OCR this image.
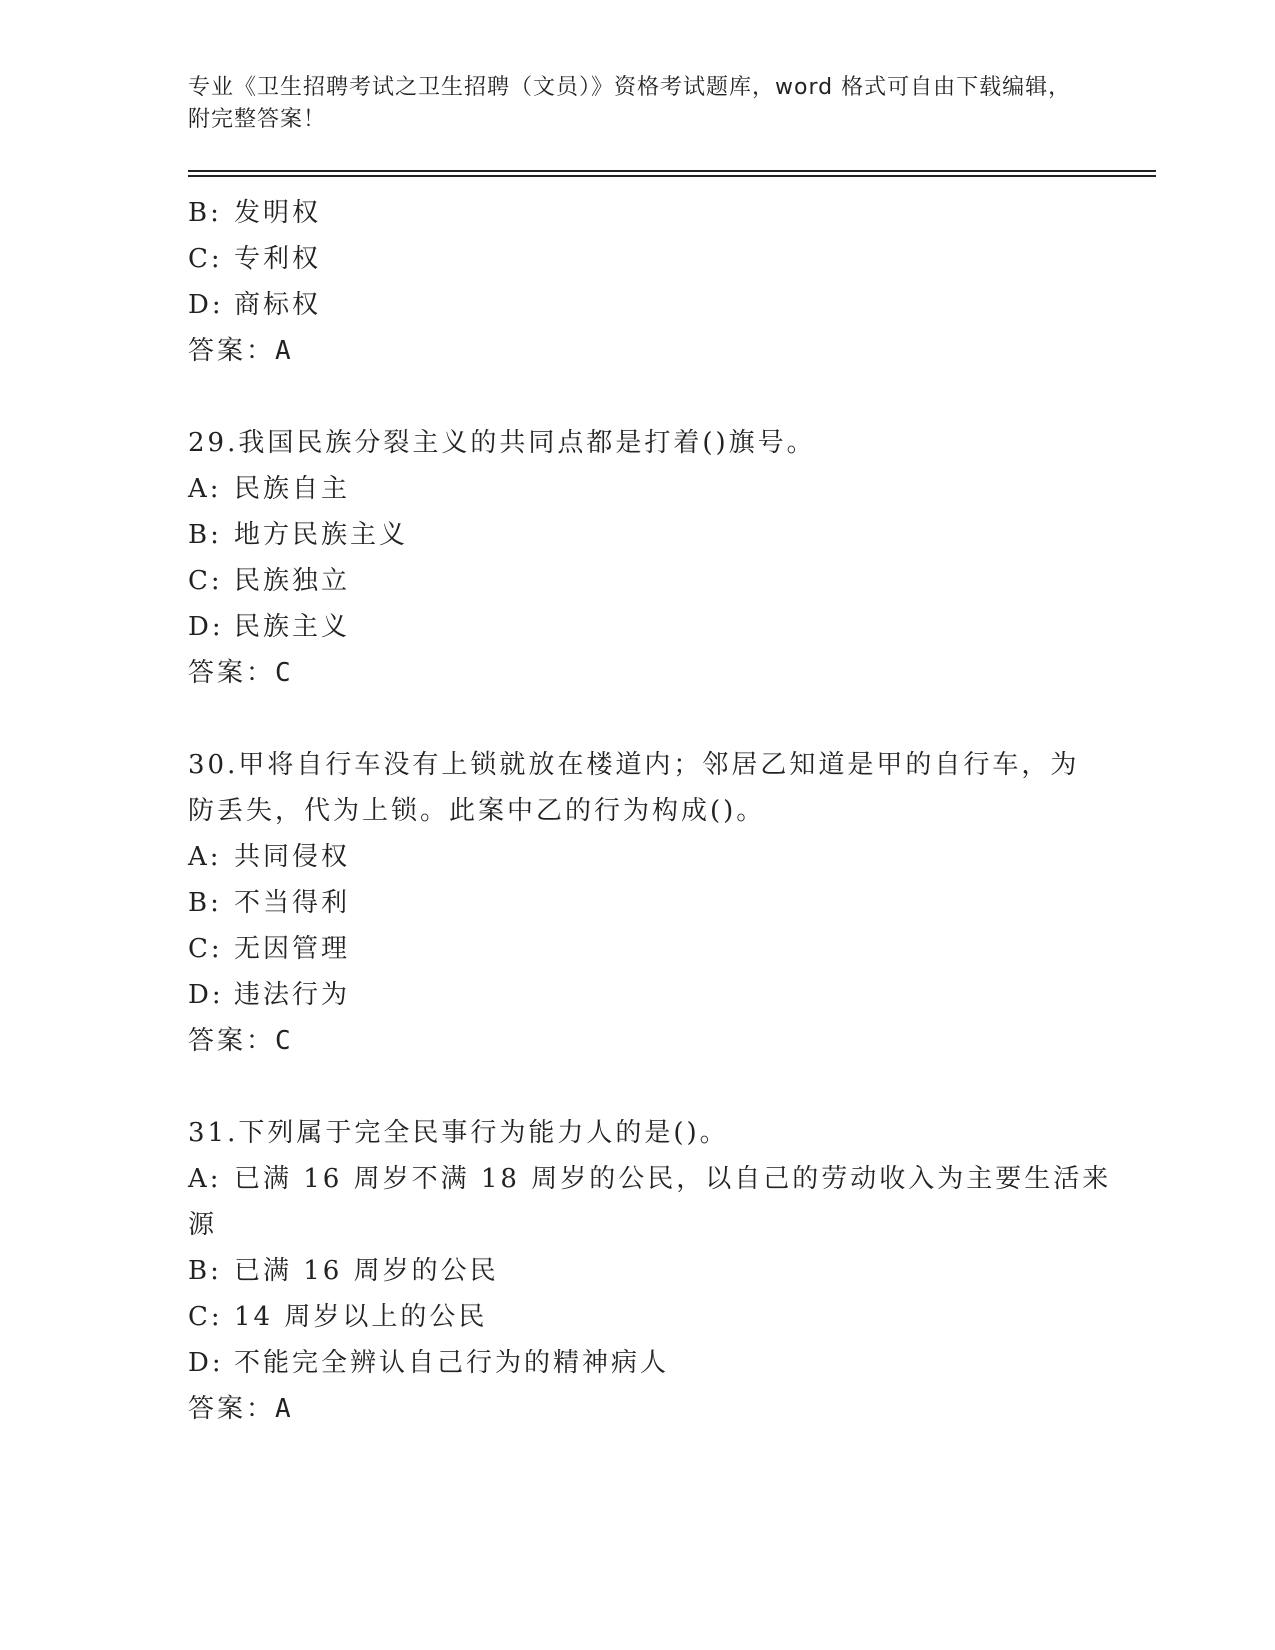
专业《卫生招聘考试之卫生招聘（文员）》资格考试题库，word 格式可自由下载编辑，附完整答案！
B: 发明权
C: 专利权
D: 商标权
答案：A
29.我国民族分裂主义的共同点都是打着()旗号。
A: 民族自主
B: 地方民族主义
C: 民族独立
D: 民族主义
答案：C
30.甲将自行车没有上锁就放在楼道内；邻居乙知道是甲的自行车，为
防丢失，代为上锁。此案中乙的行为构成()。
A: 共同侵权
B: 不当得利
C: 无因管理
D: 违法行为
答案：C
31.下列属于完全民事行为能力人的是()。
A: 已满 16 周岁不满 18 周岁的公民，以自己的劳动收入为主要生活来
源
B: 已满 16 周岁的公民
C: 14 周岁以上的公民
D: 不能完全辨认自己行为的精神病人
答案：A
